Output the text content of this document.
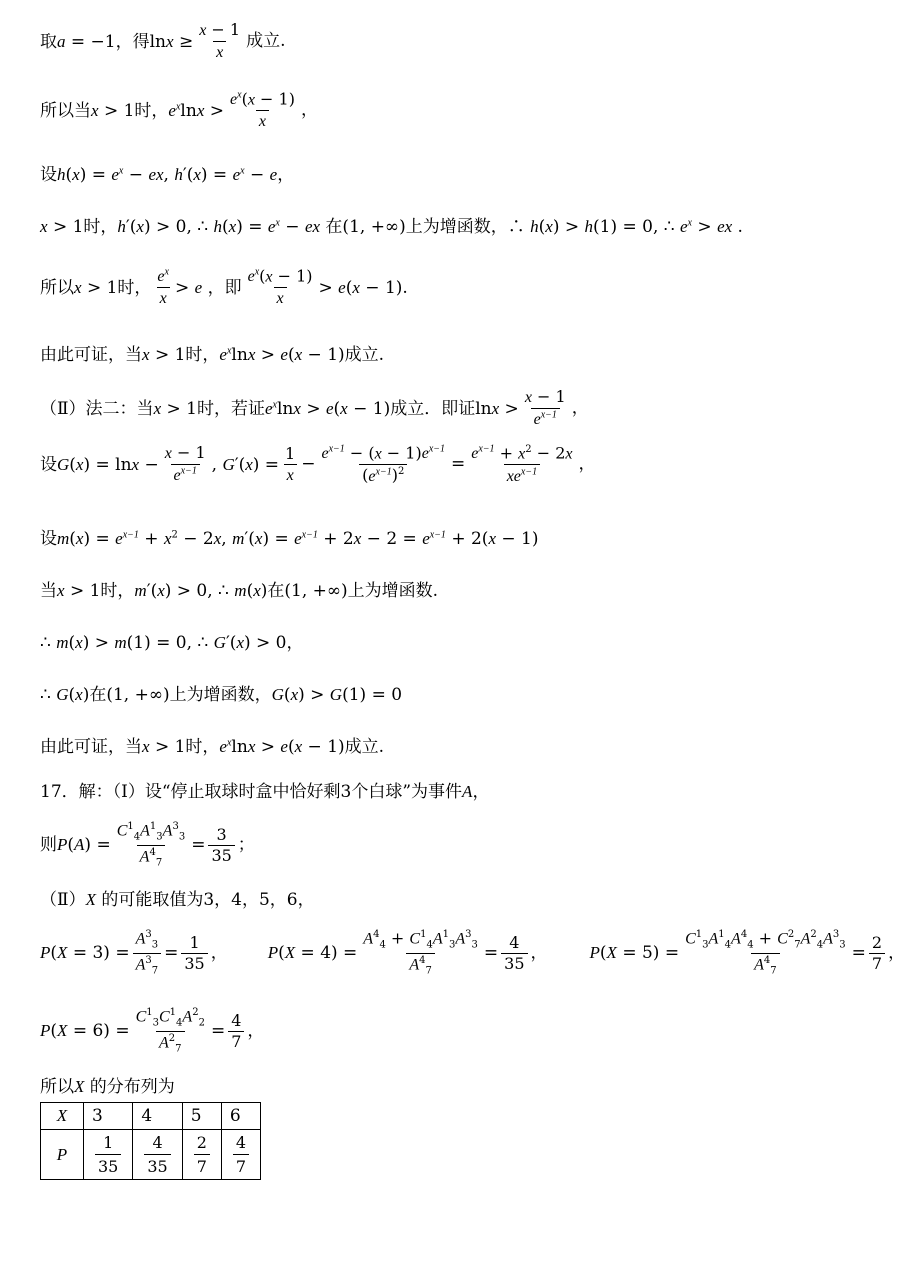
取a = −1，得$\ln x \ge \frac{x - 1}{x}$ 成立.
所以当x > 1时，$e^x\ln x > \frac{e^x(x - 1)}{x}$ ，
设$h(x) = e^x$ − ex, $h'(x) = e^x - e$，
x > 1时，h′(x) > 0, ∴ $h(x) = e^x$ − ex 在(1, +∞)上为增函数，∴ h(x) > h(1) = 0, ∴ $e^x$ > ex .
所以x > 1时， $\frac{e^x}{x} > e$ ，即 $\frac{e^x(x - 1)}{x} > e(x - 1)$.
由此可证，当x > 1时，$e^x\ln x > e(x - 1)$成立.
（Ⅱ）法二：当x > 1时，若证$e^x\ln x > e(x - 1)$成立．即证$\ln x > \frac{x - 1}{e^{x-1}}$ ，
设$G(x) = \ln x - \frac{x - 1}{e^{x-1}}$ , $G'(x) = \frac{1}{x} - \frac{e^{x-1} - (x - 1)e^{x-1}}{(e^{x-1})^2} = \frac{e^{x-1} + x^2 - 2x}{xe^{x-1}}$ ，
设$m(x) = e^{x-1} + x^2 - 2x$, $m'(x) = e^{x-1} + 2x - 2 = e^{x-1} + 2(x - 1)$
当x > 1时，m′(x) > 0, ∴ m(x)在(1, +∞)上为增函数.
∴ m(x) > m(1) = 0, ∴ G′(x) > 0，
∴ G(x)在(1, +∞)上为增函数，G(x) > G(1) = 0
由此可证，当x > 1时，$e^x\ln x > e(x - 1)$成立.
17．解：（Ⅰ）设“停止取球时盒中恰好剩3个白球”为事件A，
则$P(A) = \frac{C^1_4A^1_3A^3_3}{A^4_7} = \frac{3}{35}$ ；
（Ⅱ）X 的可能取值为3，4，5，6，
$P(X = 3) = \frac{A^3_3}{A^3_7} = \frac{1}{35}$ ， $P(X = 4) = \frac{A^4_4 + C^1_4A^1_3A^3_3}{A^4_7} = \frac{4}{35}$ ， $P(X = 5) = \frac{C^1_3A^1_4A^4_4 + C^2_7A^2_4A^3_3}{A^4_7} = \frac{2}{7}$ ，
$P(X = 6) = \frac{C^1_3C^1_4A^2_2}{A^2_7} = \frac{4}{7}$ ，
所以X 的分布列为
X	3	4	5	6
P	$\frac{1}{35}$	$\frac{4}{35}$	$\frac{2}{7}$	$\frac{4}{7}$
